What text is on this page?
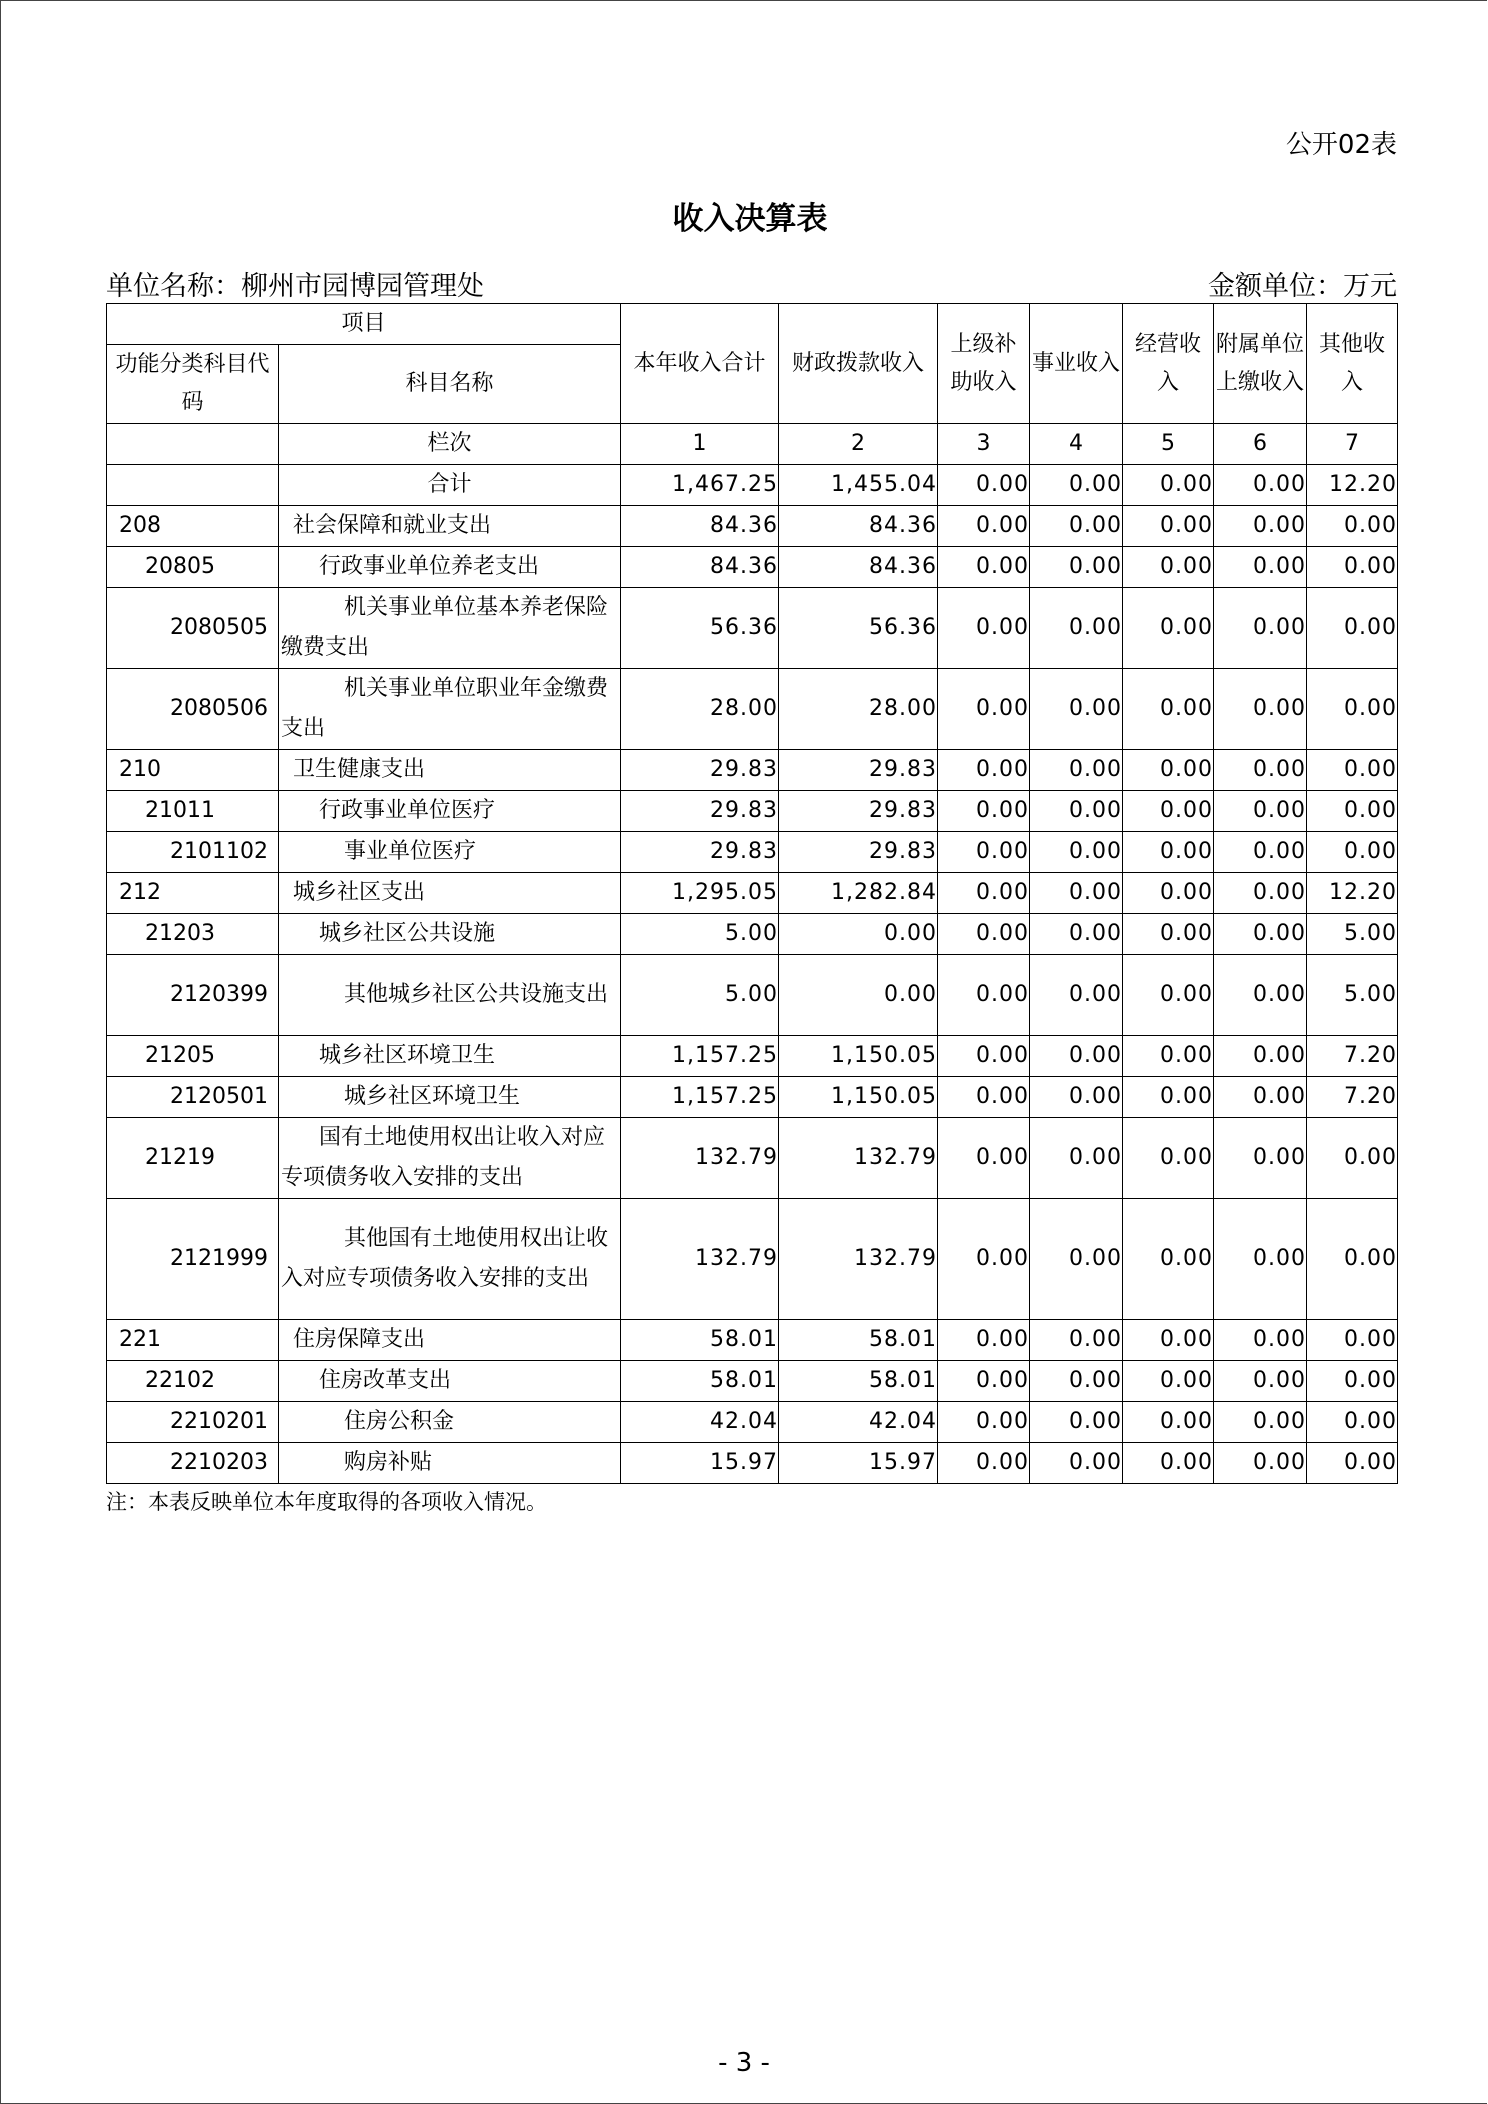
公开02表
收入决算表
单位名称：柳州市园博园管理处	金额单位：万元
项目		本年收入合计	财政拨款收入	上级补助收入	事业收入	经营收入	附属单位上缴收入	其他收入
功能分类科目代码	科目名称							
	栏次	1	2	3	4	5	6	7
	合计	1,467.25	1,455.04	0.00	0.00	0.00	0.00	12.20
208	社会保障和就业支出	84.36	84.36	0.00	0.00	0.00	0.00	0.00
20805	行政事业单位养老支出	84.36	84.36	0.00	0.00	0.00	0.00	0.00
2080505	机关事业单位基本养老保险缴费支出	56.36	56.36	0.00	0.00	0.00	0.00	0.00
2080506	机关事业单位职业年金缴费支出	28.00	28.00	0.00	0.00	0.00	0.00	0.00
210	卫生健康支出	29.83	29.83	0.00	0.00	0.00	0.00	0.00
21011	行政事业单位医疗	29.83	29.83	0.00	0.00	0.00	0.00	0.00
2101102	事业单位医疗	29.83	29.83	0.00	0.00	0.00	0.00	0.00
212	城乡社区支出	1,295.05	1,282.84	0.00	0.00	0.00	0.00	12.20
21203	城乡社区公共设施	5.00	0.00	0.00	0.00	0.00	0.00	5.00
2120399	其他城乡社区公共设施支出	5.00	0.00	0.00	0.00	0.00	0.00	5.00
21205	城乡社区环境卫生	1,157.25	1,150.05	0.00	0.00	0.00	0.00	7.20
2120501	城乡社区环境卫生	1,157.25	1,150.05	0.00	0.00	0.00	0.00	7.20
21219	国有土地使用权出让收入对应专项债务收入安排的支出	132.79	132.79	0.00	0.00	0.00	0.00	0.00
2121999	其他国有土地使用权出让收入对应专项债务收入安排的支出	132.79	132.79	0.00	0.00	0.00	0.00	0.00
221	住房保障支出	58.01	58.01	0.00	0.00	0.00	0.00	0.00
22102	住房改革支出	58.01	58.01	0.00	0.00	0.00	0.00	0.00
2210201	住房公积金	42.04	42.04	0.00	0.00	0.00	0.00	0.00
2210203	购房补贴	15.97	15.97	0.00	0.00	0.00	0.00	0.00
注：本表反映单位本年度取得的各项收入情况。
- 3 -
